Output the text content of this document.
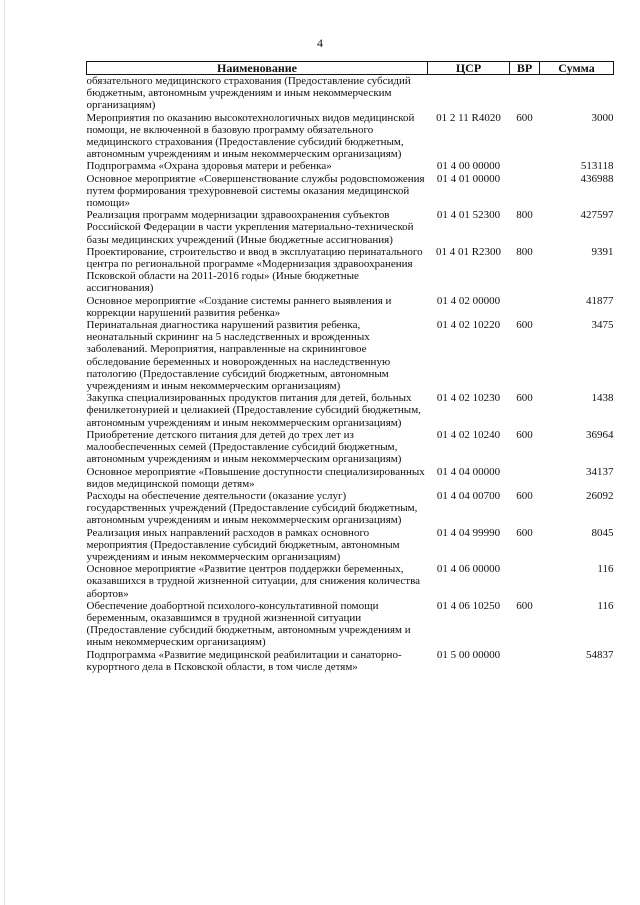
4
Наименование	ЦСР	ВР	Сумма
обязательного медицинского страхования (Предоставление субсидий бюджетным, автономным учреждениям и иным некоммерческим организациям)			
Мероприятия по оказанию высокотехнологичных видов медицинской помощи, не включенной в базовую программу обязательного медицинского страхования (Предоставление субсидий бюджетным, автономным учреждениям и иным некоммерческим организациям)	01 2 11 R4020	600	3000
Подпрограмма «Охрана здоровья матери и ребенка»	01 4 00 00000		513118
Основное мероприятие «Совершенствование службы родовспоможения путем формирования трехуровневой системы оказания медицинской помощи»	01 4 01 00000		436988
Реализация программ модернизации здравоохранения субъектов Российской Федерации в части укрепления материально-технической базы медицинских учреждений (Иные бюджетные ассигнования)	01 4 01 52300	800	427597
Проектирование, строительство и ввод в эксплуатацию перинатального центра по региональной программе «Модернизация здравоохранения Псковской области на 2011-2016 годы» (Иные бюджетные ассигнования)	01 4 01 R2300	800	9391
Основное мероприятие «Создание системы раннего выявления и коррекции нарушений развития ребенка»	01 4 02 00000		41877
Перинатальная диагностика нарушений развития ребенка, неонатальный скрининг на 5 наследственных и врожденных заболеваний. Мероприятия, направленные на скрининговое обследование беременных и новорожденных на наследственную патологию (Предоставление субсидий бюджетным, автономным учреждениям и иным некоммерческим организациям)	01 4 02 10220	600	3475
Закупка специализированных продуктов питания для детей, больных фенилкетонурией и целиакией (Предоставление субсидий бюджетным, автономным учреждениям и иным некоммерческим организациям)	01 4 02 10230	600	1438
Приобретение детского питания для детей до трех лет из малообеспеченных семей (Предоставление субсидий бюджетным, автономным учреждениям и иным некоммерческим организациям)	01 4 02 10240	600	36964
Основное мероприятие «Повышение доступности специализированных видов медицинской помощи детям»	01 4 04 00000		34137
Расходы на обеспечение деятельности (оказание услуг) государственных учреждений (Предоставление субсидий бюджетным, автономным учреждениям и иным некоммерческим организациям)	01 4 04 00700	600	26092
Реализация иных направлений расходов в рамках основного мероприятия (Предоставление субсидий бюджетным, автономным учреждениям и иным некоммерческим организациям)	01 4 04 99990	600	8045
Основное мероприятие «Развитие центров поддержки беременных, оказавшихся в трудной жизненной ситуации, для снижения количества абортов»	01 4 06 00000		116
Обеспечение доабортной психолого-консультативной помощи беременным, оказавшимся в трудной жизненной ситуации (Предоставление субсидий бюджетным, автономным учреждениям и иным некоммерческим организациям)	01 4 06 10250	600	116
Подпрограмма «Развитие медицинской реабилитации и санаторно-курортного дела в Псковской области, в том числе детям»	01 5 00 00000		54837
